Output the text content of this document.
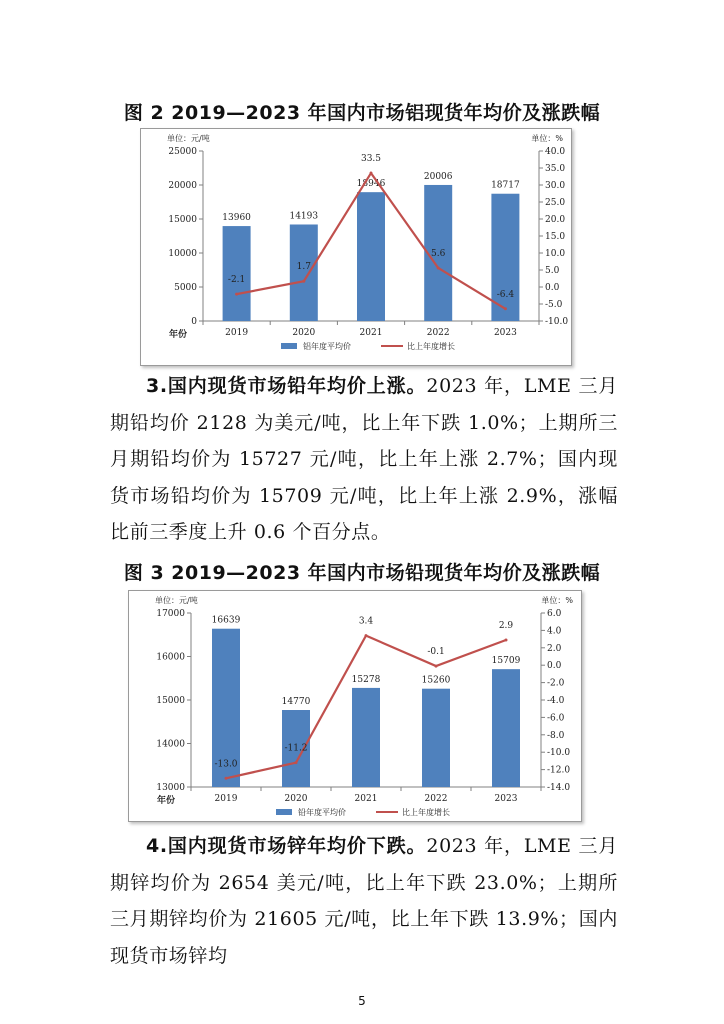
图 2 2019—2023 年国内市场铝现货年均价及涨跌幅
单位：元/吨	单位：%
0
5000
10000
15000
20000
25000
-10.0
-5.0
0.0
5.0
10.0
15.0
20.0
25.0
30.0
35.0
40.0
2019	2020	2021	2022	2023
年份
13960	14193
18946
20006
18717
-2.1
1.7
33.5
5.6
-6.4
铝年度平均价	比上年度增长
3.国内现货市场铅年均价上涨。2023 年，LME 三月期铅均价 2128 为美元/吨，比上年下跌 1.0%；上期所三月期铅均价为 15727 元/吨，比上年上涨 2.7%；国内现货市场铅均价为 15709 元/吨，比上年上涨 2.9%，涨幅比前三季度上升 0.6 个百分点。
图 3 2019—2023 年国内市场铅现货年均价及涨跌幅
单位：元/吨	单位：%
13000
14000
15000
16000
17000
-14.0
-12.0
-10.0
-8.0
-6.0
-4.0
-2.0
0.0
2.0
4.0
6.0
2019	2020	2021	2022	2023
年份
16639
14770
15278	15260
15709
-13.0
-11.2
3.4
-0.1
2.9
铅年度平均价	比上年度增长
4.国内现货市场锌年均价下跌。2023 年，LME 三月期锌均价为 2654 美元/吨，比上年下跌 23.0%；上期所三月期锌均价为 21605 元/吨，比上年下跌 13.9%；国内现货市场锌均
5
